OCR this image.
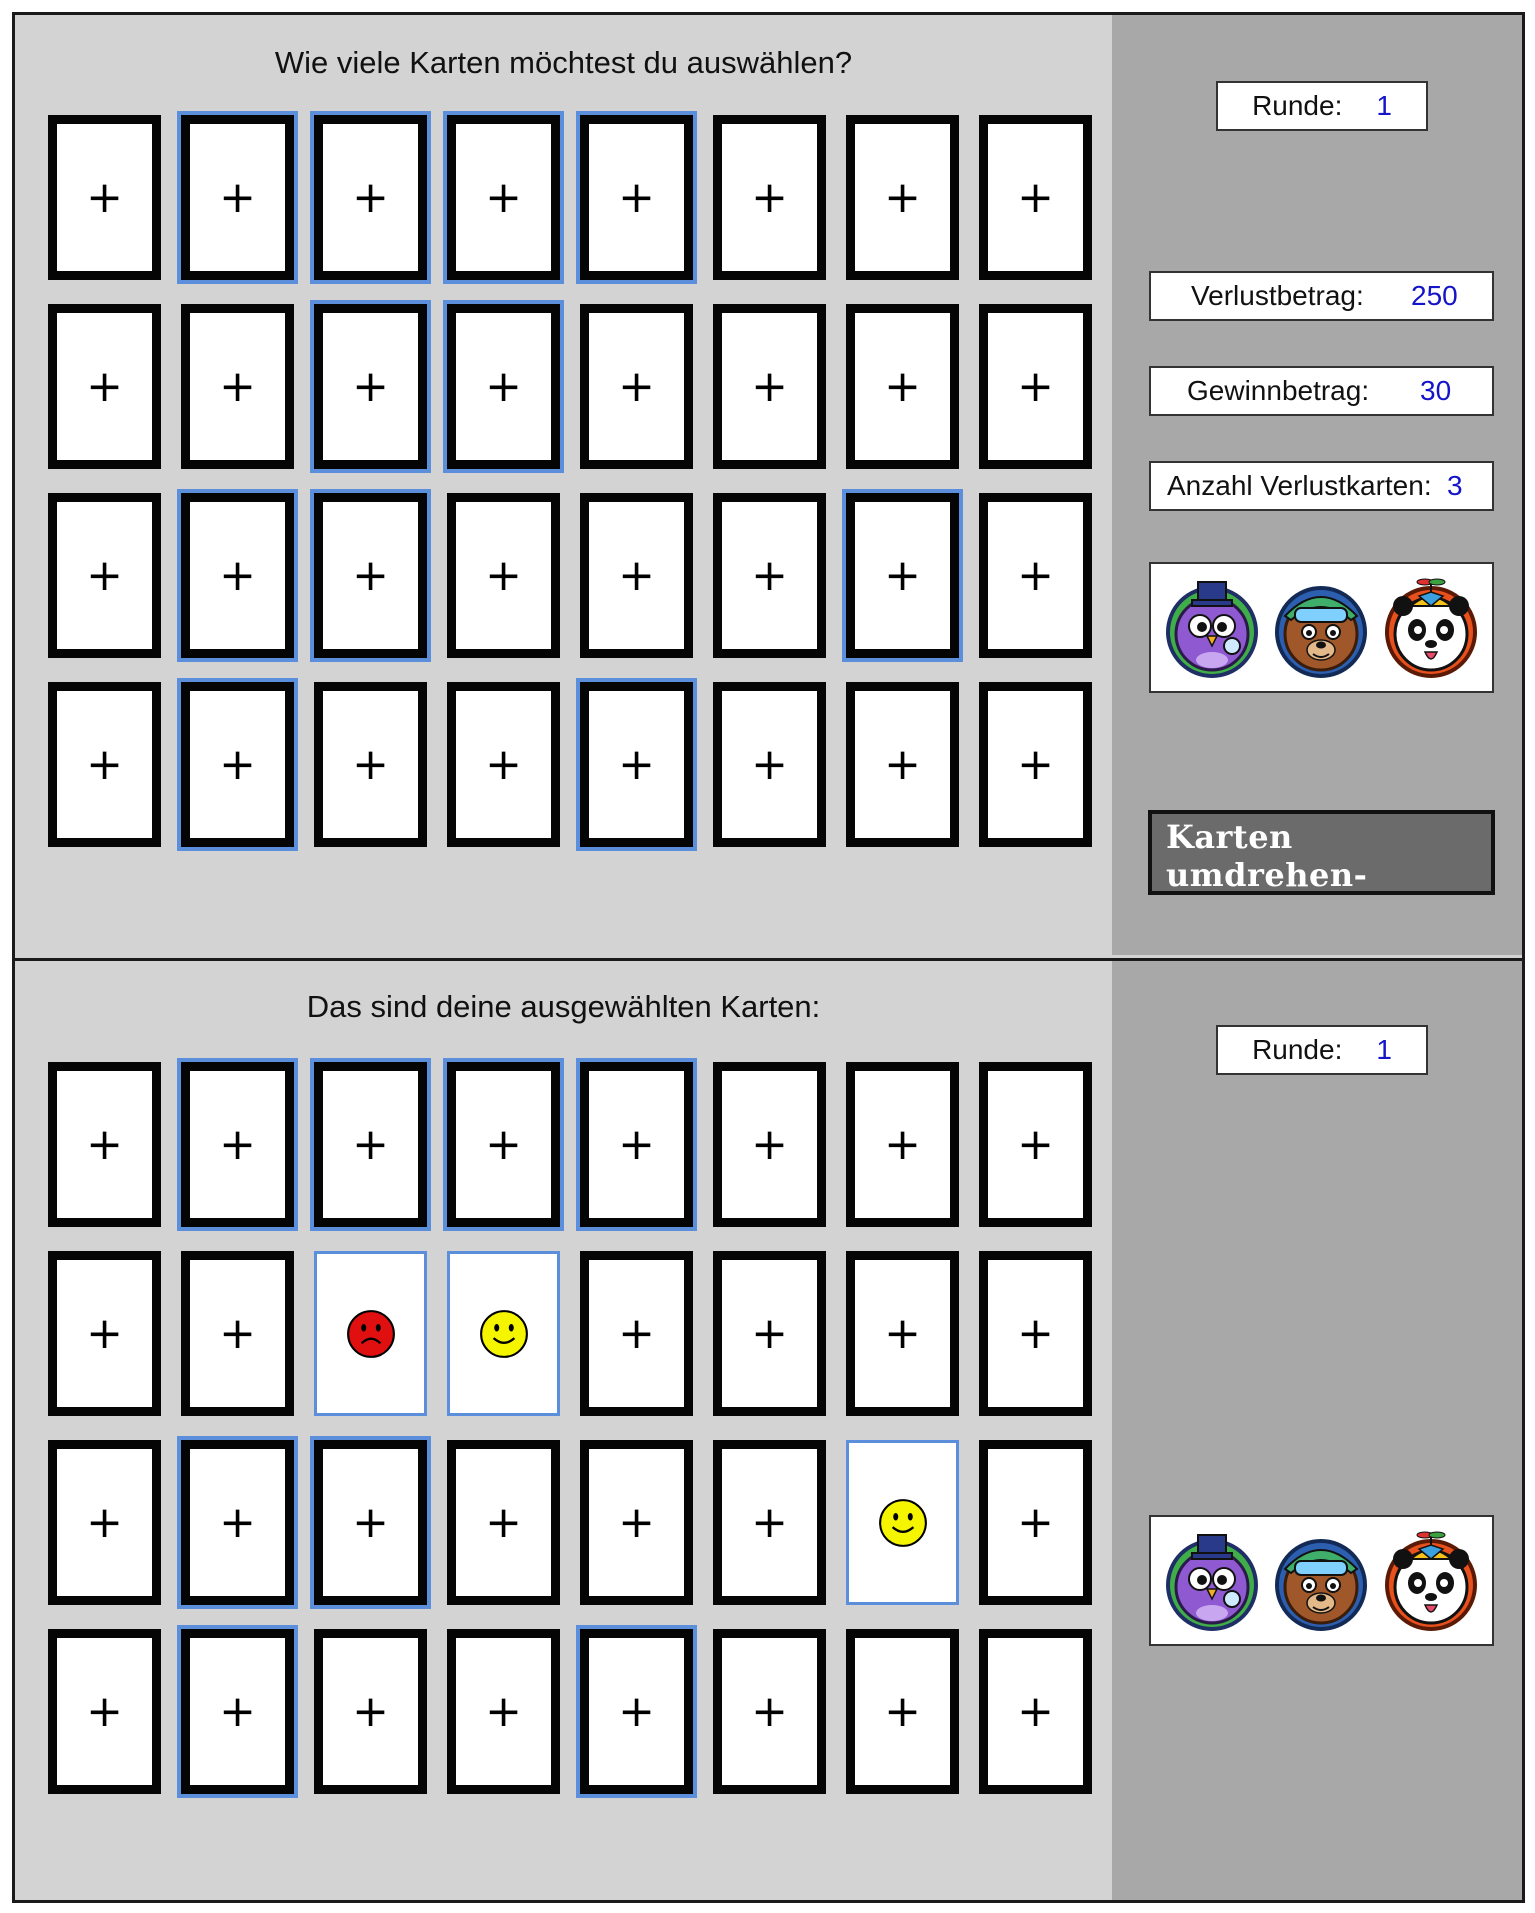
Wie viele Karten möchtest du auswählen?
+ + + + + + + +
+ + + + + + + +
+ + + + + + + +
+ + + + + + + +
Runde: 1
Verlustbetrag: 250
Gewinnbetrag: 30
Anzahl Verlustkarten: 3
Karten umdrehen-
Das sind deine ausgewählten Karten:
+ + + + + + + +
+ +	+ + + +
+ + + + + +	+
+ + + + + + + +
Runde: 1
